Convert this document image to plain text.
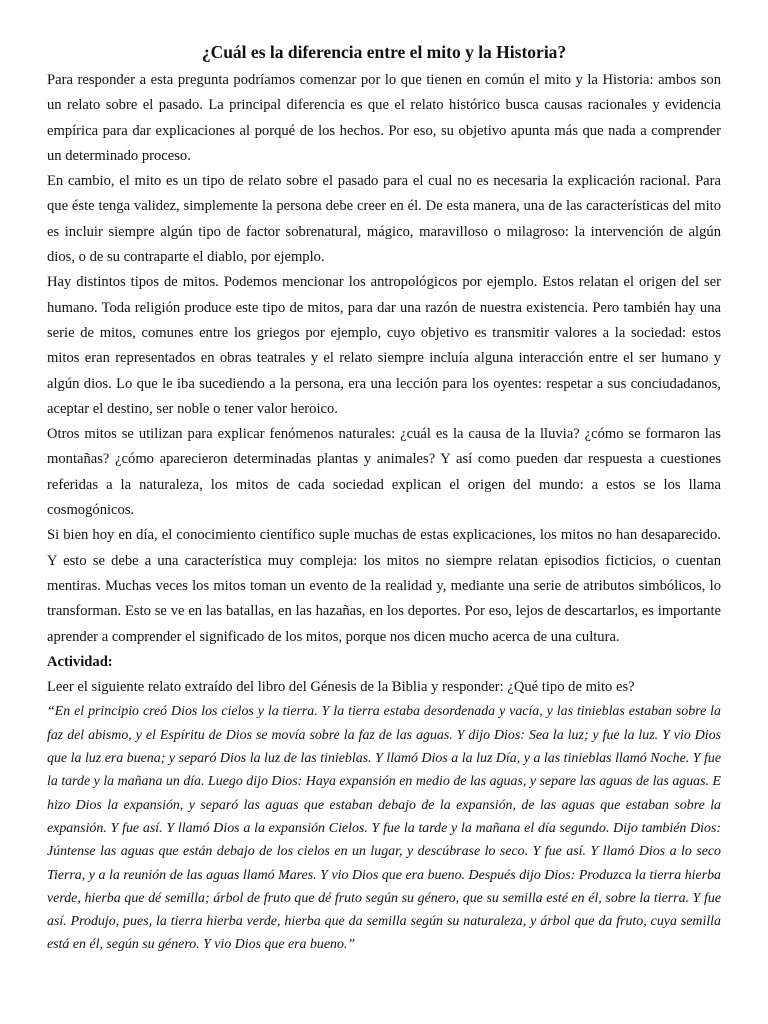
¿Cuál es la diferencia entre el mito y la Historia?

Para responder a esta pregunta podríamos comenzar por lo que tienen en común el mito y la Historia: ambos son un relato sobre el pasado. La principal diferencia es que el relato histórico busca causas racionales y evidencia empírica para dar explicaciones al porqué de los hechos. Por eso, su objetivo apunta más que nada a comprender un determinado proceso.

En cambio, el mito es un tipo de relato sobre el pasado para el cual no es necesaria la explicación racional. Para que éste tenga validez, simplemente la persona debe creer en él. De esta manera, una de las características del mito es incluir siempre algún tipo de factor sobrenatural, mágico, maravilloso o milagroso: la intervención de algún dios, o de su contraparte el diablo, por ejemplo.

Hay distintos tipos de mitos. Podemos mencionar los antropológicos por ejemplo. Estos relatan el origen del ser humano. Toda religión produce este tipo de mitos, para dar una razón de nuestra existencia. Pero también hay una serie de mitos, comunes entre los griegos por ejemplo, cuyo objetivo es transmitir valores a la sociedad: estos mitos eran representados en obras teatrales y el relato siempre incluía alguna interacción entre el ser humano y algún dios. Lo que le iba sucediendo a la persona, era una lección para los oyentes: respetar a sus conciudadanos, aceptar el destino, ser noble o tener valor heroico.

Otros mitos se utilizan para explicar fenómenos naturales: ¿cuál es la causa de la lluvia? ¿cómo se formaron las montañas? ¿cómo aparecieron determinadas plantas y animales? Y así como pueden dar respuesta a cuestiones referidas a la naturaleza, los mitos de cada sociedad explican el origen del mundo: a estos se los llama cosmogónicos.

Si bien hoy en día, el conocimiento científico suple muchas de estas explicaciones, los mitos no han desaparecido. Y esto se debe a una característica muy compleja: los mitos no siempre relatan episodios ficticios, o cuentan mentiras. Muchas veces los mitos toman un evento de la realidad y, mediante una serie de atributos simbólicos, lo transforman. Esto se ve en las batallas, en las hazañas, en los deportes. Por eso, lejos de descartarlos, es importante aprender a comprender el significado de los mitos, porque nos dicen mucho acerca de una cultura.

Actividad:

Leer el siguiente relato extraído del libro del Génesis de la Biblia y responder: ¿Qué tipo de mito es?

“En el principio creó Dios los cielos y la tierra. Y la tierra estaba desordenada y vacía, y las tinieblas estaban sobre la faz del abismo, y el Espíritu de Dios se movía sobre la faz de las aguas. Y dijo Dios: Sea la luz; y fue la luz. Y vio Dios que la luz era buena; y separó Dios la luz de las tinieblas. Y llamó Dios a la luz Día, y a las tinieblas llamó Noche. Y fue la tarde y la mañana un día. Luego dijo Dios: Haya expansión en medio de las aguas, y separe las aguas de las aguas. E hizo Dios la expansión, y separó las aguas que estaban debajo de la expansión, de las aguas que estaban sobre la expansión. Y fue así. Y llamó Dios a la expansión Cielos. Y fue la tarde y la mañana el día segundo. Dijo también Dios: Júntense las aguas que están debajo de los cielos en un lugar, y descúbrase lo seco. Y fue así. Y llamó Dios a lo seco Tierra, y a la reunión de las aguas llamó Mares. Y vio Dios que era bueno. Después dijo Dios: Produzca la tierra hierba verde, hierba que dé semilla; árbol de fruto que dé fruto según su género, que su semilla esté en él, sobre la tierra. Y fue así. Produjo, pues, la tierra hierba verde, hierba que da semilla según su naturaleza, y árbol que da fruto, cuya semilla está en él, según su género. Y vio Dios que era bueno.”
